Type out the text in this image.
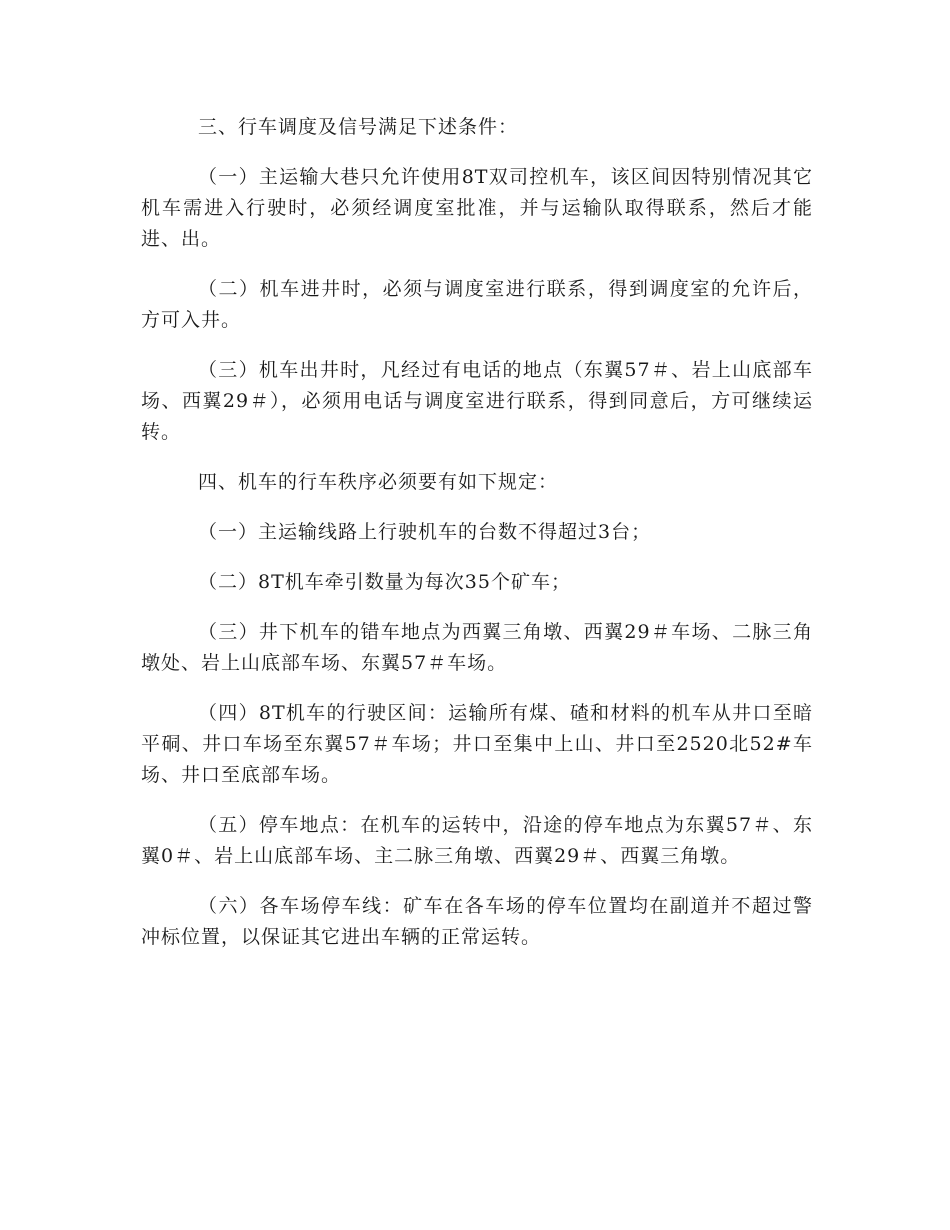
三、行车调度及信号满足下述条件：

（一）主运输大巷只允许使用8T双司控机车，该区间因特别情况其它机车需进入行驶时，必须经调度室批准，并与运输队取得联系，然后才能进、出。

（二）机车进井时，必须与调度室进行联系，得到调度室的允许后，方可入井。

（三）机车出井时，凡经过有电话的地点（东翼57＃、岩上山底部车场、西翼29＃），必须用电话与调度室进行联系，得到同意后，方可继续运转。

四、机车的行车秩序必须要有如下规定：

（一）主运输线路上行驶机车的台数不得超过3台；

（二）8T机车牵引数量为每次35个矿车；

（三）井下机车的错车地点为西翼三角墩、西翼29＃车场、二脉三角墩处、岩上山底部车场、东翼57＃车场。

（四）8T机车的行驶区间：运输所有煤、碴和材料的机车从井口至暗平硐、井口车场至东翼57＃车场；井口至集中上山、井口至2520北52#车场、井口至底部车场。

（五）停车地点：在机车的运转中，沿途的停车地点为东翼57＃、东翼0＃、岩上山底部车场、主二脉三角墩、西翼29＃、西翼三角墩。

（六）各车场停车线：矿车在各车场的停车位置均在副道并不超过警冲标位置，以保证其它进出车辆的正常运转。
